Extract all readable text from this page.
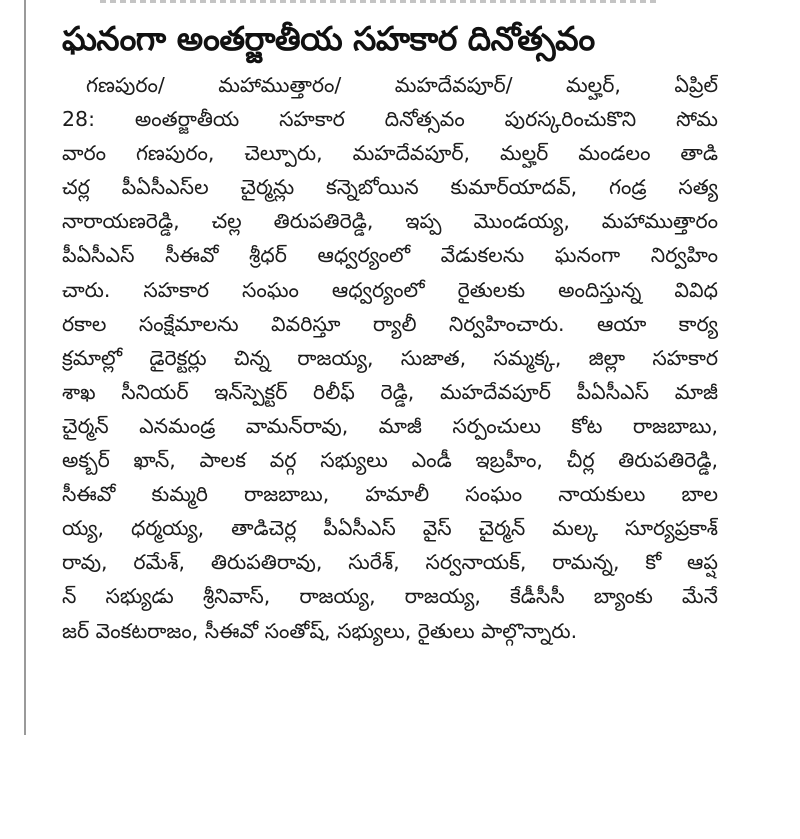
ఘనంగా అంతర్జాతీయ సహకార దినోత్సవం
గణపురం/ మహాముత్తారం/ మహదేవపూర్/ మల్హర్, ఏప్రిల్
28: అంతర్జాతీయ సహకార దినోత్సవం పురస్కరించుకొని సోమ
వారం గణపురం, చెల్పూరు, మహదేవపూర్, మల్హర్ మండలం తాడి
చర్ల పీఏసీఎస్‌ల చైర్మన్లు కన్నెబోయిన కుమార్‌యాదవ్, గండ్ర సత్య
నారాయణరెడ్డి, చల్ల తిరుపతిరెడ్డి, ఇప్ప మొండయ్య, మహాముత్తారం
పీఏసీఎస్ సీఈవో శ్రీధర్ ఆధ్వర్యంలో వేడుకలను ఘనంగా నిర్వహిం
చారు. సహకార సంఘం ఆధ్వర్యంలో రైతులకు అందిస్తున్న వివిధ
రకాల సంక్షేమాలను వివరిస్తూ ర్యాలీ నిర్వహించారు. ఆయా కార్య
క్రమాల్లో డైరెక్టర్లు చిన్న రాజయ్య, సుజాత, సమ్మక్క, జిల్లా సహకార
శాఖ సీనియర్ ఇన్‌స్పెక్టర్ రిలీఫ్ రెడ్డి, మహదేవపూర్ పీఏసీఎస్ మాజీ
చైర్మన్ ఎనమండ్ర వామన్‌రావు, మాజీ సర్పంచులు కోట రాజబాబు,
అక్బర్ ఖాన్, పాలక వర్గ సభ్యులు ఎండీ ఇబ్రహీం, చీర్ల తిరుపతిరెడ్డి,
సీఈవో కుమ్మరి రాజబాబు, హమాలీ సంఘం నాయకులు బాల
య్య, ధర్మయ్య, తాడిచెర్ల పీఏసీఎస్ వైస్ చైర్మన్ మల్క సూర్యప్రకాశ్
రావు, రమేశ్, తిరుపతిరావు, సురేశ్, సర్వనాయక్, రామన్న, కో ఆప్ష
న్ సభ్యుడు శ్రీనివాస్, రాజయ్య, రాజయ్య, కేడీసీసీ బ్యాంకు మేనే
జర్ వెంకటరాజం, సీఈవో సంతోష్, సభ్యులు, రైతులు పాల్గొన్నారు.
